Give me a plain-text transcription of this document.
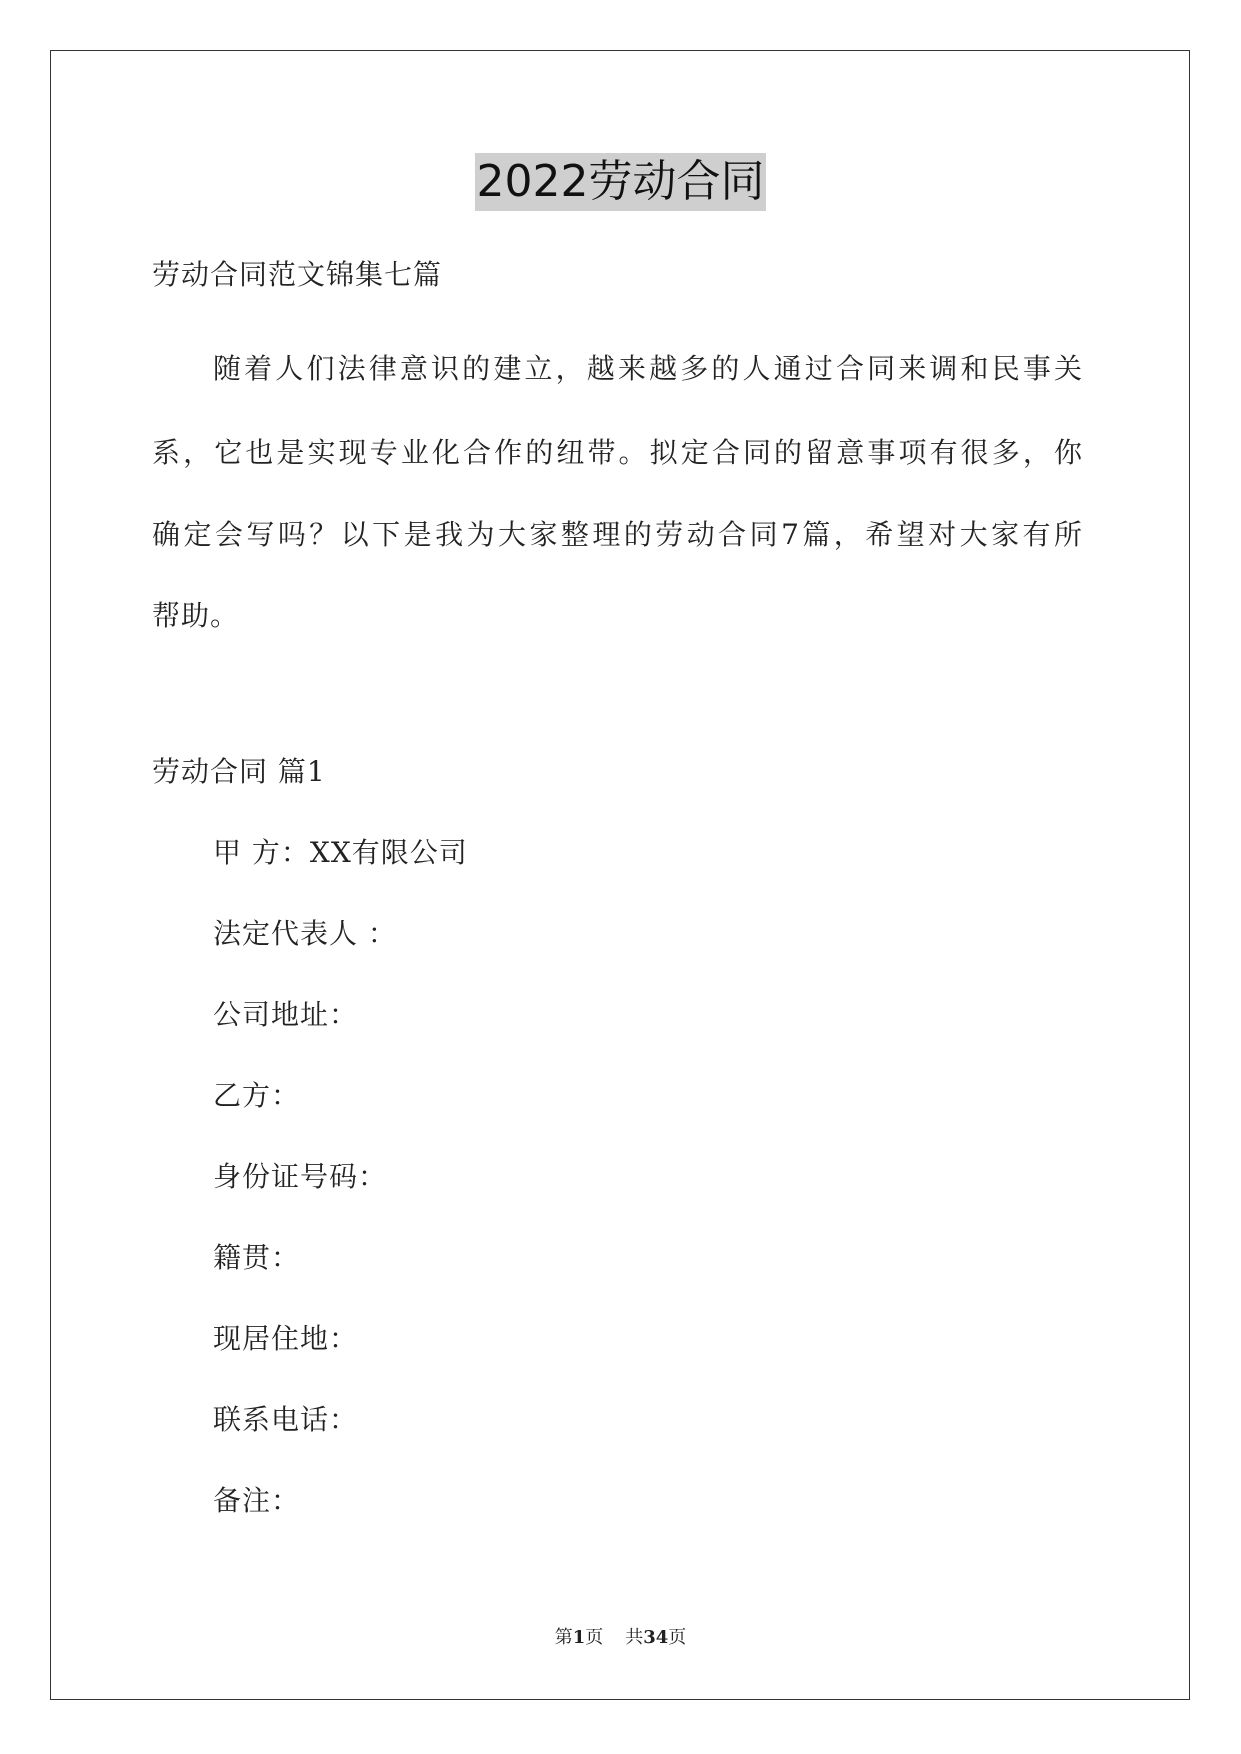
2022劳动合同
劳动合同范文锦集七篇
随着人们法律意识的建立，越来越多的人通过合同来调和民事关
系，它也是实现专业化合作的纽带。拟定合同的留意事项有很多，你
确定会写吗？以下是我为大家整理的劳动合同7篇，希望对大家有所
帮助。
劳动合同 篇1
甲 方：XX有限公司
法定代表人 ：
公司地址：
乙方：
身份证号码：
籍贯：
现居住地：
联系电话：
备注：
第1页 共34页
